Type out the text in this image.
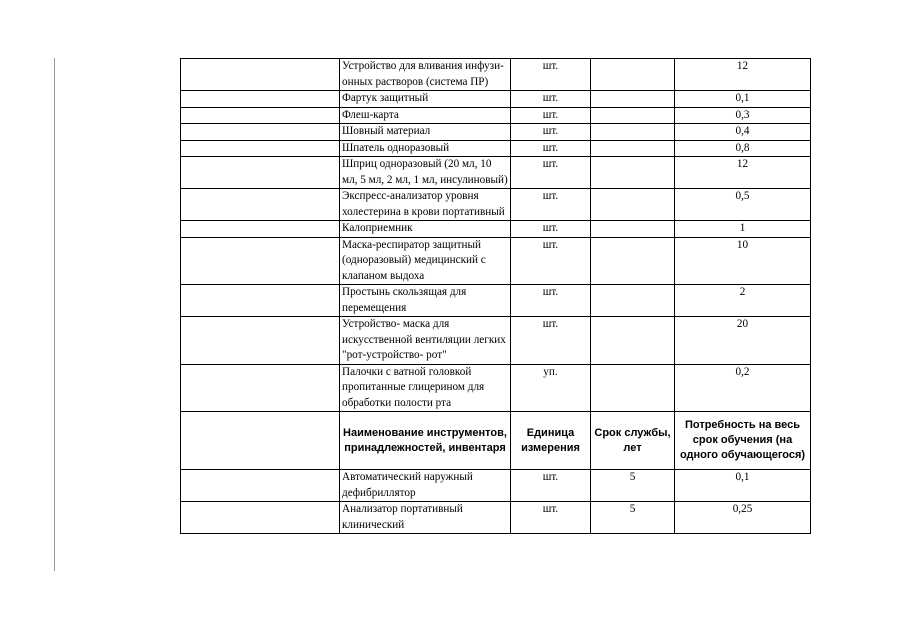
	Устройство для вливания инфузи-онных растворов (система ПР)	шт.		12
	Фартук защитный	шт.		0,1
	Флеш-карта	шт.		0,3
	Шовный материал	шт.		0,4
	Шпатель одноразовый	шт.		0,8
	Шприц одноразовый (20 мл, 10 мл, 5 мл, 2 мл, 1 мл, инсулиновый)	шт.		12
	Экспресс-анализатор уровня холестерина в крови портативный	шт.		0,5
	Калоприемник	шт.		1
	Маска-респиратор защитный (одноразовый) медицинский с клапаном выдоха	шт.		10
	Простынь скользящая для перемещения	шт.		2
	Устройство- маска для искусственной вентиляции легких "рот-устройство- рот"	шт.		20
	Палочки с ватной головкой пропитанные глицерином для обработки полости рта	уп.		0,2
	Наименование инструментов, принадлежностей, инвентаря	Единица измерения	Срок службы, лет	Потребность на весь срок обучения (на одного обучающегося)
	Автоматический наружный дефибриллятор	шт.	5	0,1
	Анализатор портативный клинический	шт.	5	0,25
